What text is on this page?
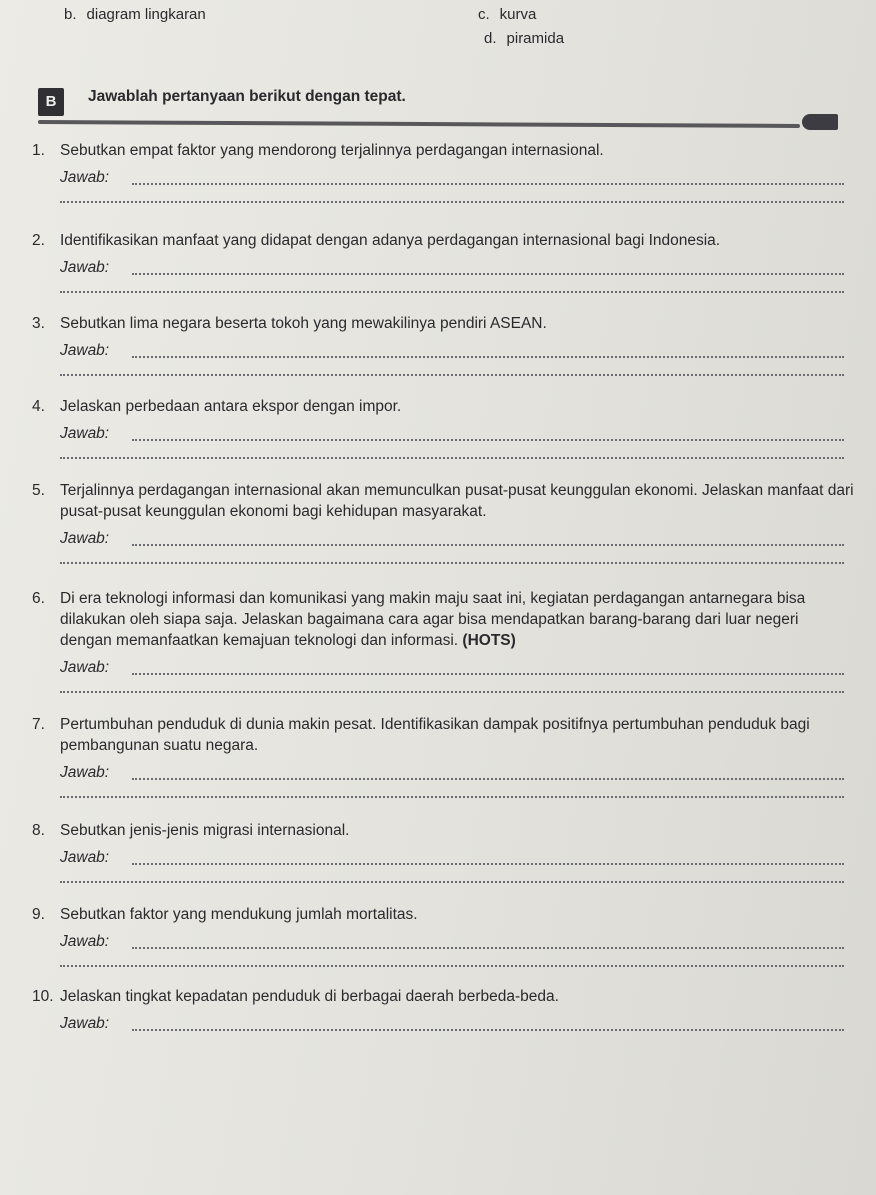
b. diagram lingkaran	c. kurva
d. piramida
B	Jawablah pertanyaan berikut dengan tepat.

1. Sebutkan empat faktor yang mendorong terjalinnya perdagangan internasional.

Jawab:

2. Identifikasikan manfaat yang didapat dengan adanya perdagangan internasional bagi Indonesia.

Jawab:

3. Sebutkan lima negara beserta tokoh yang mewakilinya pendiri ASEAN.

Jawab:

4. Jelaskan perbedaan antara ekspor dengan impor.

Jawab:

5. Terjalinnya perdagangan internasional akan memunculkan pusat-pusat keunggulan ekonomi. Jelaskan manfaat dari pusat-pusat keunggulan ekonomi bagi kehidupan masyarakat.

Jawab:

6. Di era teknologi informasi dan komunikasi yang makin maju saat ini, kegiatan perdagangan antarnegara bisa dilakukan oleh siapa saja. Jelaskan bagaimana cara agar bisa mendapatkan barang-barang dari luar negeri dengan memanfaatkan kemajuan teknologi dan informasi. (HOTS)

Jawab:

7. Pertumbuhan penduduk di dunia makin pesat. Identifikasikan dampak positifnya pertumbuhan penduduk bagi pembangunan suatu negara.

Jawab:

8. Sebutkan jenis-jenis migrasi internasional.

Jawab:

9. Sebutkan faktor yang mendukung jumlah mortalitas.

Jawab:

10. Jelaskan tingkat kepadatan penduduk di berbagai daerah berbeda-beda.

Jawab:
